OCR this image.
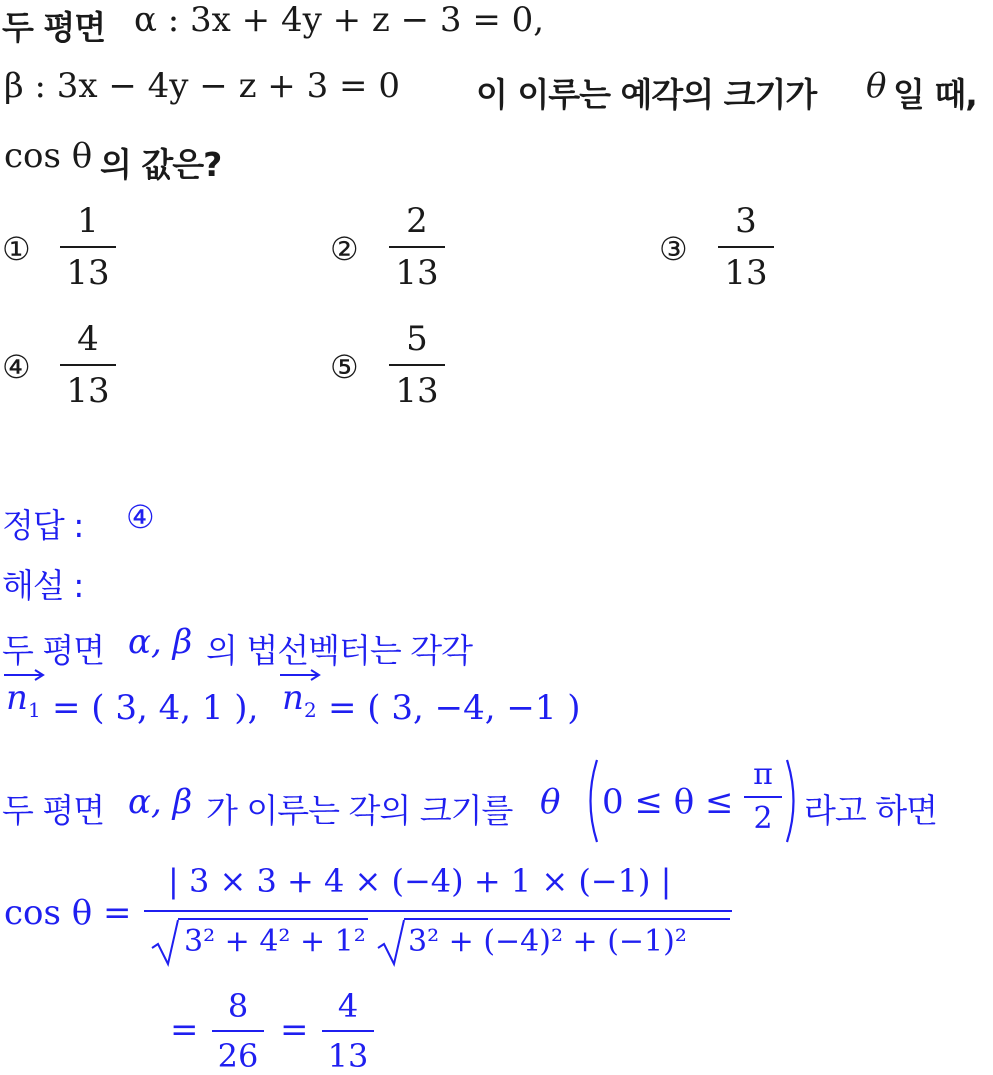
두 평면 α : 3x + 4y + z − 3 = 0,
β : 3x − 4y − z + 3 = 0 이 이루는 예각의 크기가 θ 일 때,
cos θ 의 값은?
①
1
13
②
2
13
③
3
13
④
4
13
⑤
5
13
정답 : ④
해설 :
두 평면 α, β 의 법선벡터는 각각
n 1 = ( 3, 4, 1 ), n 2 = ( 3, −4, −1 )
두 평면 α, β 가 이루는 각의 크기를 θ 0 ≤ θ ≤
π
2 라고 하면
cos θ =
| 3 × 3 + 4 × (−4) + 1 × (−1) |
3² + 4² + 1² 3² + (−4)² + (−1)²
=
8
26
=
4
13
